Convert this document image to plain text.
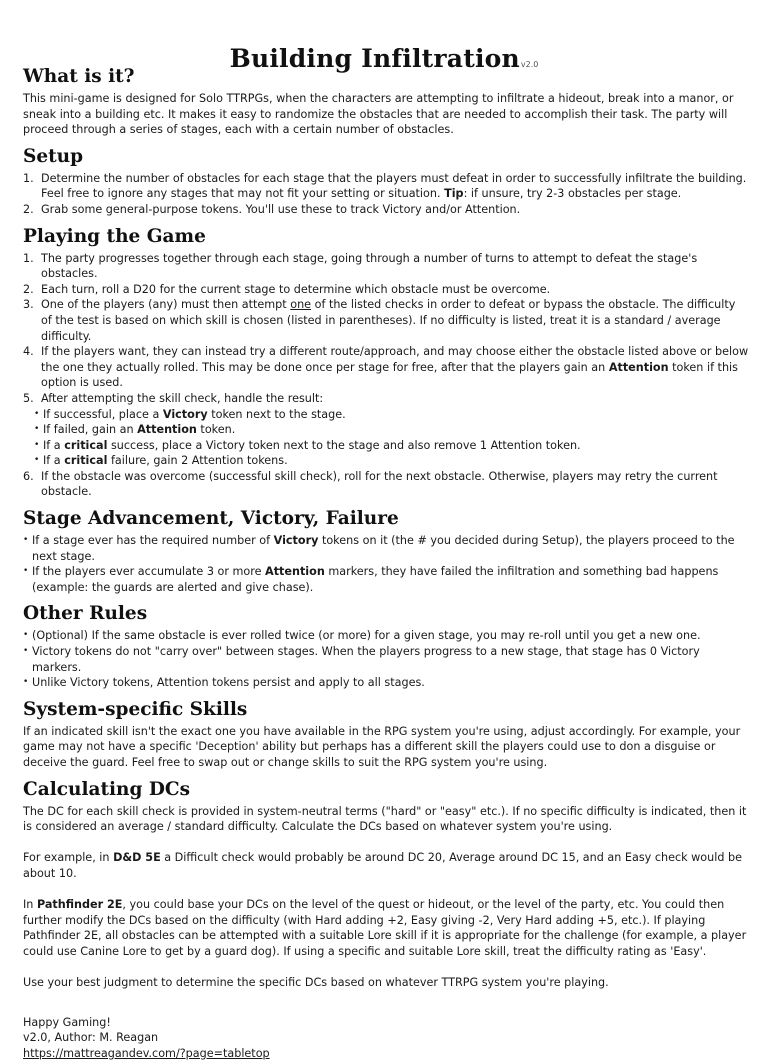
Building Infiltrationv2.0
What is it?

This mini-game is designed for Solo TTRPGs, when the characters are attempting to infiltrate a hideout, break into a manor, or sneak into a building etc. It makes it easy to randomize the obstacles that are needed to accomplish their task. The party will proceed through a series of stages, each with a certain number of obstacles.

Setup
1. Determine the number of obstacles for each stage that the players must defeat in order to successfully infiltrate the building. Feel free to ignore any stages that may not fit your setting or situation. Tip: if unsure, try 2-3 obstacles per stage.
2. Grab some general-purpose tokens. You'll use these to track Victory and/or Attention.
Playing the Game
1. The party progresses together through each stage, going through a number of turns to attempt to defeat the stage's obstacles.
2. Each turn, roll a D20 for the current stage to determine which obstacle must be overcome.
3. One of the players (any) must then attempt one of the listed checks in order to defeat or bypass the obstacle. The difficulty of the test is based on which skill is chosen (listed in parentheses). If no difficulty is listed, treat it is a standard / average difficulty.
4. If the players want, they can instead try a different route/approach, and may choose either the obstacle listed above or below the one they actually rolled. This may be done once per stage for free, after that the players gain an Attention token if this option is used.
5. After attempting the skill check, handle the result:
• If successful, place a Victory token next to the stage.
• If failed, gain an Attention token.
• If a critical success, place a Victory token next to the stage and also remove 1 Attention token.
• If a critical failure, gain 2 Attention tokens.
6. If the obstacle was overcome (successful skill check), roll for the next obstacle. Otherwise, players may retry the current obstacle.
Stage Advancement, Victory, Failure
• If a stage ever has the required number of Victory tokens on it (the # you decided during Setup), the players proceed to the next stage.
• If the players ever accumulate 3 or more Attention markers, they have failed the infiltration and something bad happens (example: the guards are alerted and give chase).
Other Rules
• (Optional) If the same obstacle is ever rolled twice (or more) for a given stage, you may re-roll until you get a new one.
• Victory tokens do not "carry over" between stages. When the players progress to a new stage, that stage has 0 Victory markers.
• Unlike Victory tokens, Attention tokens persist and apply to all stages.
System-specific Skills

If an indicated skill isn't the exact one you have available in the RPG system you're using, adjust accordingly. For example, your game may not have a specific 'Deception' ability but perhaps has a different skill the players could use to don a disguise or deceive the guard. Feel free to swap out or change skills to suit the RPG system you're using.

Calculating DCs

The DC for each skill check is provided in system-neutral terms ("hard" or "easy" etc.). If no specific difficulty is indicated, then it is considered an average / standard difficulty. Calculate the DCs based on whatever system you're using.

For example, in D&D 5E a Difficult check would probably be around DC 20, Average around DC 15, and an Easy check would be about 10.

In Pathfinder 2E, you could base your DCs on the level of the quest or hideout, or the level of the party, etc. You could then further modify the DCs based on the difficulty (with Hard adding +2, Easy giving -2, Very Hard adding +5, etc.). If playing Pathfinder 2E, all obstacles can be attempted with a suitable Lore skill if it is appropriate for the challenge (for example, a player could use Canine Lore to get by a guard dog). If using a specific and suitable Lore skill, treat the difficulty rating as 'Easy'.

Use your best judgment to determine the specific DCs based on whatever TTRPG system you're playing.

Happy Gaming!
v2.0, Author: M. Reagan
https://mattreagandev.com/?page=tabletop
